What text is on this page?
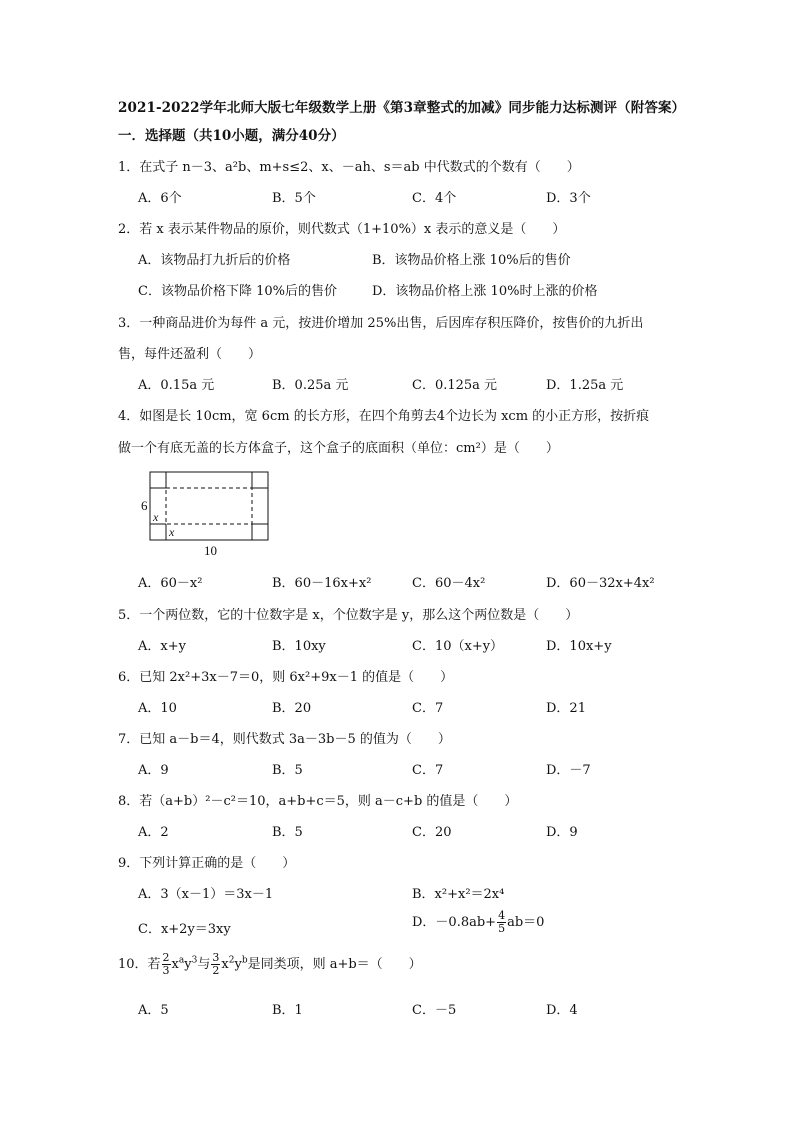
2021-2022学年北师大版七年级数学上册《第3章整式的加减》同步能力达标测评（附答案）
一．选择题（共10小题，满分40分）
1．在式子 n－3、a²b、m+s≤2、x、－ah、s＝ab 中代数式的个数有（　　）
A．6个	B．5个	C．4个	D．3个
2．若 x 表示某件物品的原价，则代数式（1+10%）x 表示的意义是（　　）
A．该物品打九折后的价格	B．该物品价格上涨 10%后的售价
C．该物品价格下降 10%后的售价	D．该物品价格上涨 10%时上涨的价格
3．一种商品进价为每件 a 元，按进价增加 25%出售，后因库存积压降价，按售价的九折出
售，每件还盈利（　　）
A．0.15a 元	B．0.25a 元	C．0.125a 元	D．1.25a 元
4．如图是长 10cm，宽 6cm 的长方形，在四个角剪去4个边长为 xcm 的小正方形，按折痕
做一个有底无盖的长方体盒子，这个盒子的底面积（单位：cm²）是（　　）
6
x
x
10
A．60－x²	B．60－16x+x²	C．60－4x²	D．60－32x+4x²
5．一个两位数，它的十位数字是 x，个位数字是 y，那么这个两位数是（　　）
A．x+y	B．10xy	C．10（x+y）	D．10x+y
6．已知 2x²+3x－7＝0，则 6x²+9x－1 的值是（　　）
A．10	B．20	C．7	D．21
7．已知 a－b＝4，则代数式 3a－3b－5 的值为（　　）
A．9	B．5	C．7	D．－7
8．若（a+b）²－c²＝10，a+b+c＝5，则 a－c+b 的值是（　　）
A．2	B．5	C．20	D．9
9．下列计算正确的是（　　）
A．3（x－1）＝3x－1	B．x²+x²＝2x⁴
C．x+2y＝3xy	D．$-0.8ab+ \frac{4}{5} ab=0$
10．若 $\frac{2}{3} x^ay^3$与 $\frac{3}{2} x^2y^b$是同类项，则 a+b＝（　　）
A．5	B．1	C．－5	D．4
